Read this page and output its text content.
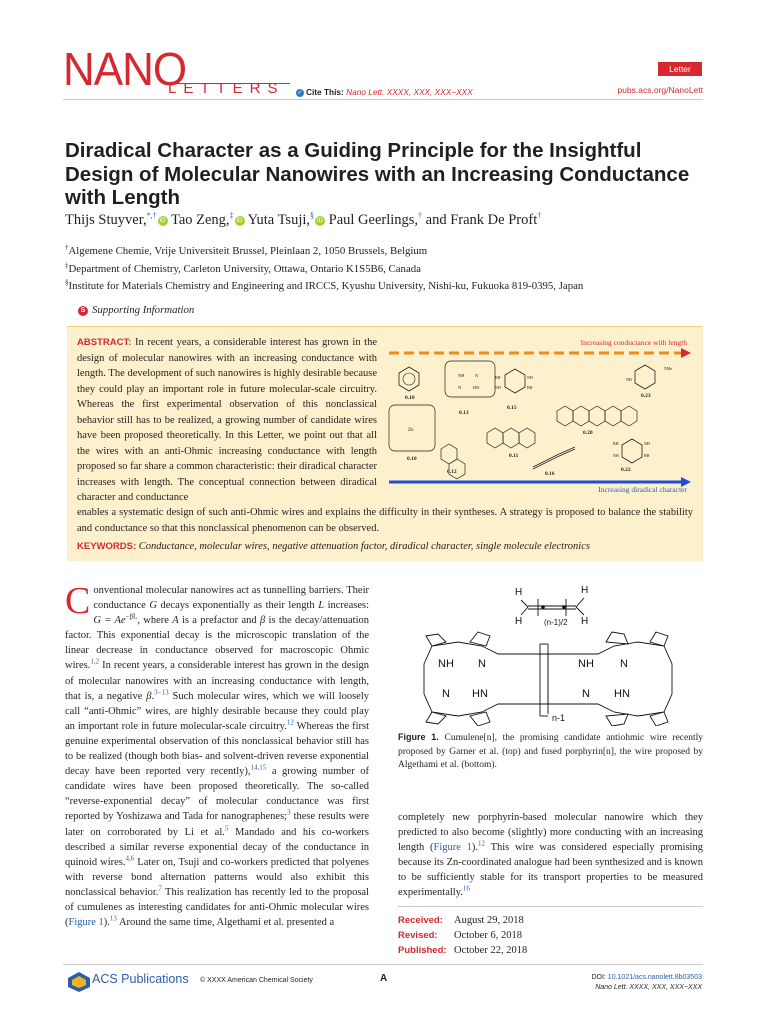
NANO
LETTERS ✓ Cite This: Nano Lett. XXXX, XXX, XXX−XXX
Letter
pubs.acs.org/NanoLett
Diradical Character as a Guiding Principle for the Insightful Design of Molecular Nanowires with an Increasing Conductance with Length
Thijs Stuyver,*,†iD Tao Zeng,‡iD Yuta Tsuji,§iD Paul Geerlings,† and Frank De Proft†
†Algemene Chemie, Vrije Universiteit Brussel, Pleinlaan 2, 1050 Brussels, Belgium
‡Department of Chemistry, Carleton University, Ottawa, Ontario K1S5B6, Canada
§Institute for Materials Chemistry and Engineering and IRCCS, Kyushu University, Nishi-ku, Fukuoka 819-0395, Japan
S Supporting Information

ABSTRACT: In recent years, a considerable interest has grown in the design of molecular nanowires with an increasing conductance with length. The development of such nanowires is highly desirable because they could play an important role in future molecular-scale circuitry. Whereas the first experimental observation of this nonclassical behavior still has to be realized, a growing number of candidate wires have been proposed theoretically. In this Letter, we point out that all the wires with an anti-Ohmic increasing conductance with length proposed so far share a common characteristic: their diradical character increases with length. The conceptual connection between diradical character and conductance

enables a systematic design of such anti-Ohmic wires and explains the difficulty in their syntheses. A strategy is proposed to balance the stability and conductance so that this nonclassical phenomenon can be observed.

Increasing conductance with length
0.10
NH N
N	HN
0.13
BH	NH
NH	BH
0.15
NMe
NH
0.23
Zn
0.10
0.20
0.11
0.12	0.16
BH	NH
NH	BH
0.22
Increasing diradical character
KEYWORDS: Conductance, molecular wires, negative attenuation factor, diradical character, single molecule electronics

Conventional molecular nanowires act as tunnelling barriers. Their conductance G decays exponentially as their length L increases: $G = Ae^{-\beta L}$, where A is a prefactor and β is the decay/attenuation factor. This exponential decay is the microscopic translation of the linear decrease in conductance observed for macroscopic Ohmic wires.$^{1,2}$ In recent years, a considerable interest has grown in the design of molecular nanowires with an increasing conductance with length, that is, a negative β.$^{3-13}$ Such molecular wires, which we will loosely call “anti-Ohmic” wires, are highly desirable because they could play an important role in future molecular-scale circuitry.$^{12}$ Whereas the first genuine experimental observation of this nonclassical behavior still has to be realized (though both bias- and solvent-driven reverse exponential decay have been reported very recently),$^{14,15}$ a growing number of candidate wires have been proposed theoretically. The so-called “reverse-exponential decay” of molecular conductance was first reported by Yoshizawa and Tada for nanographenes;$^3$ these results were later on corroborated by Li et al.$^5$ Mandado and his co-workers described a similar reverse exponential decay of the conductance in quinoid wires.$^{4,6}$ Later on, Tsuji and co-workers predicted that polyenes with reverse bond alternation patterns would also exhibit this nonclassical behavior.$^7$ This realization has recently led to the proposal of cumulenes as interesting candidates for anti-Ohmic molecular wires (Figure 1).$^{13}$ Around the same time, Algethami et al. presented a

H	H
H	H
(n-1)/2
NH N
N HN
NH N
N HN
n-1

Figure 1. Cumulene[n], the promising candidate antiohmic wire recently proposed by Garner et al. (top) and fused porphyrin[n], the wire proposed by Algethami et al. (bottom).

completely new porphyrin-based molecular nanowire which they predicted to also become (slightly) more conducting with an increasing length (Figure 1).$^{12}$ This wire was considered especially promising because its Zn-coordinated analogue had been synthesized and is known to be sufficiently stable for its transport properties to be measured experimentally.$^{16}$

Received: August 29, 2018
Revised: October 6, 2018
Published: October 22, 2018
ACS Publications © XXXX American Chemical Society	A	DOI: 10.1021/acs.nanolett.8b03503
Nano Lett. XXXX, XXX, XXX−XXX
